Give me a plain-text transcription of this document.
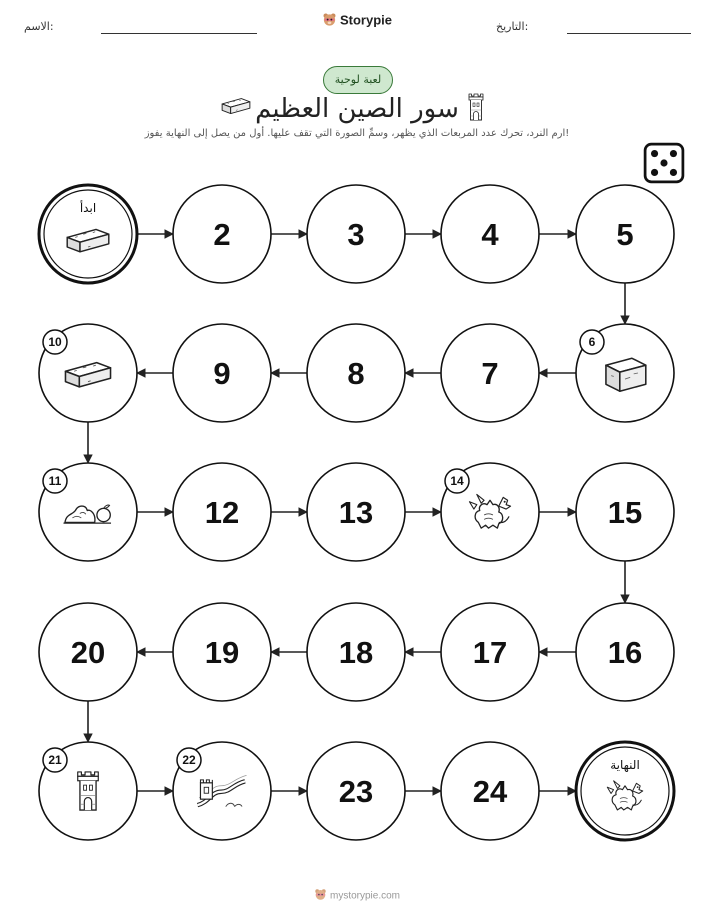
الاسم:	التاريخ:
Storypie
لعبة لوحية
سور الصين العظيم
ارم النرد، تحرك عدد المربعات الذي يظهر، وسمِّ الصورة التي تقف عليها. أول من يصل إلى النهاية يفوز!
ابدأ
2	3	4	5
6
7
8
9
10
11
12	13
14
15
16
17
18
19
20
21	22
23	24
النهاية
mystorypie.com
